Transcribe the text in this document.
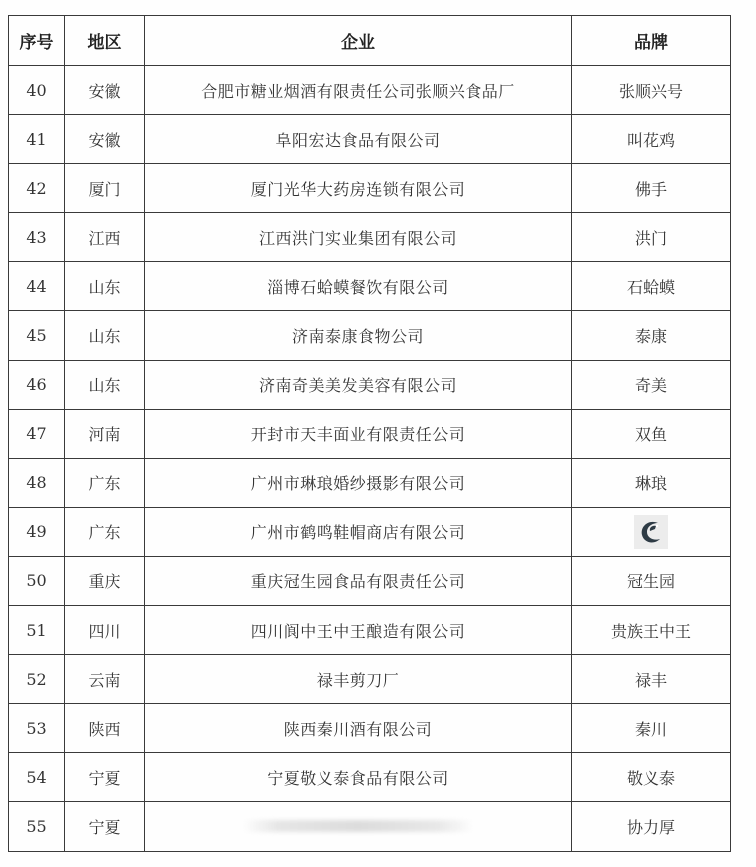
序号	地区	企业	品牌
40	安徽	合肥市糖业烟酒有限责任公司张顺兴食品厂	张顺兴号
41	安徽	阜阳宏达食品有限公司	叫花鸡
42	厦门	厦门光华大药房连锁有限公司	佛手
43	江西	江西洪门实业集团有限公司	洪门
44	山东	淄博石蛤蟆餐饮有限公司	石蛤蟆
45	山东	济南泰康食物公司	泰康
46	山东	济南奇美美发美容有限公司	奇美
47	河南	开封市天丰面业有限责任公司	双鱼
48	广东	广州市琳琅婚纱摄影有限公司	琳琅
49	广东	广州市鹤鸣鞋帽商店有限公司	

50	重庆	重庆冠生园食品有限责任公司	冠生园
51	四川	四川阆中王中王酿造有限公司	贵族王中王
52	云南	禄丰剪刀厂	禄丰
53	陕西	陕西秦川酒有限公司	秦川
54	宁夏	宁夏敬义泰食品有限公司	敬义泰
55	宁夏		协力厚
